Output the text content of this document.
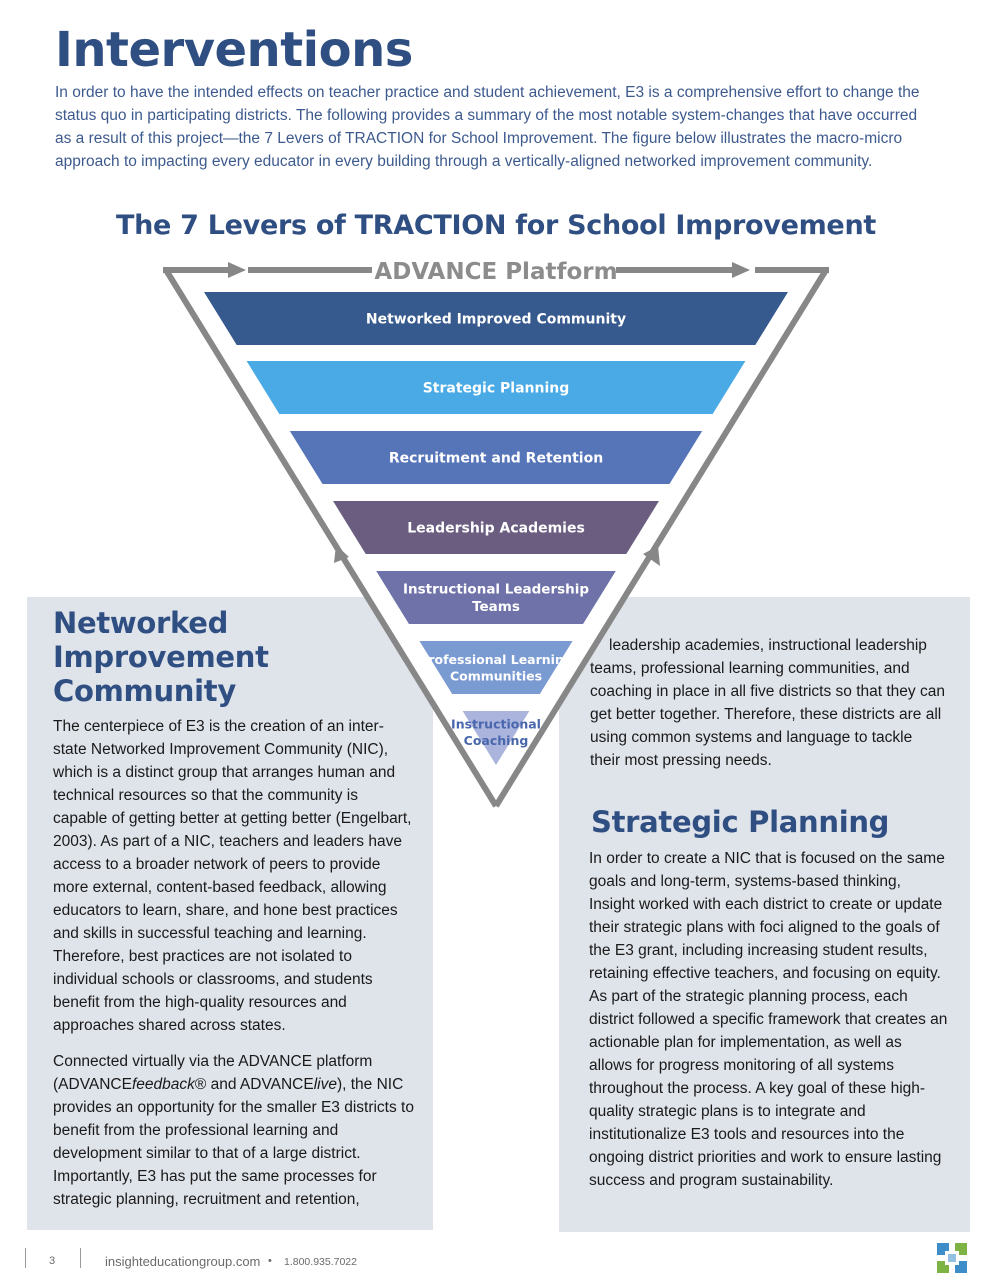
Interventions

In order to have the intended effects on teacher practice and student achievement, E3 is a comprehensive effort to change the status quo in participating districts. The following provides a summary of the most notable system-changes that have occurred as a result of this project—the 7 Levers of TRACTION for School Improvement. The figure below illustrates the macro-micro approach to impacting every educator in every building through a vertically-aligned networked improvement community.

The 7 Levers of TRACTION for School Improvement
Networked
Improvement
Community

The centerpiece of E3 is the creation of an inter-state Networked Improvement Community (NIC), which is a distinct group that arranges human and technical resources so that the community is capable of getting better at getting better (Engelbart, 2003). As part of a NIC, teachers and leaders have access to a broader network of peers to provide more external, content-based feedback, allowing educators to learn, share, and hone best practices and skills in successful teaching and learning. Therefore, best practices are not isolated to individual schools or classrooms, and students benefit from the high-quality resources and approaches shared across states.

Connected virtually via the ADVANCE platform (ADVANCEfeedback® and ADVANCElive), the NIC provides an opportunity for the smaller E3 districts to benefit from the professional learning and development similar to that of a large district. Importantly, E3 has put the same processes for strategic planning, recruitment and retention,

leadership academies, instructional leadership teams, professional learning communities, and coaching in place in all five districts so that they can get better together. Therefore, these districts are all using common systems and language to tackle their most pressing needs.

Strategic Planning

In order to create a NIC that is focused on the same goals and long-term, systems-based thinking, Insight worked with each district to create or update their strategic plans with foci aligned to the goals of the E3 grant, including increasing student results, retaining effective teachers, and focusing on equity. As part of the strategic planning process, each district followed a specific framework that creates an actionable plan for implementation, as well as allows for progress monitoring of all systems throughout the process. A key goal of these high-quality strategic plans is to integrate and institutionalize E3 tools and resources into the ongoing district priorities and work to ensure lasting success and program sustainability.

ADVANCE Platform
Networked Improved Community
Strategic Planning
Recruitment and Retention
Leadership Academies
Instructional Leadership Teams
Professional Learning Communities
Instructional Coaching
3	insighteducationgroup.com • 1.800.935.7022
